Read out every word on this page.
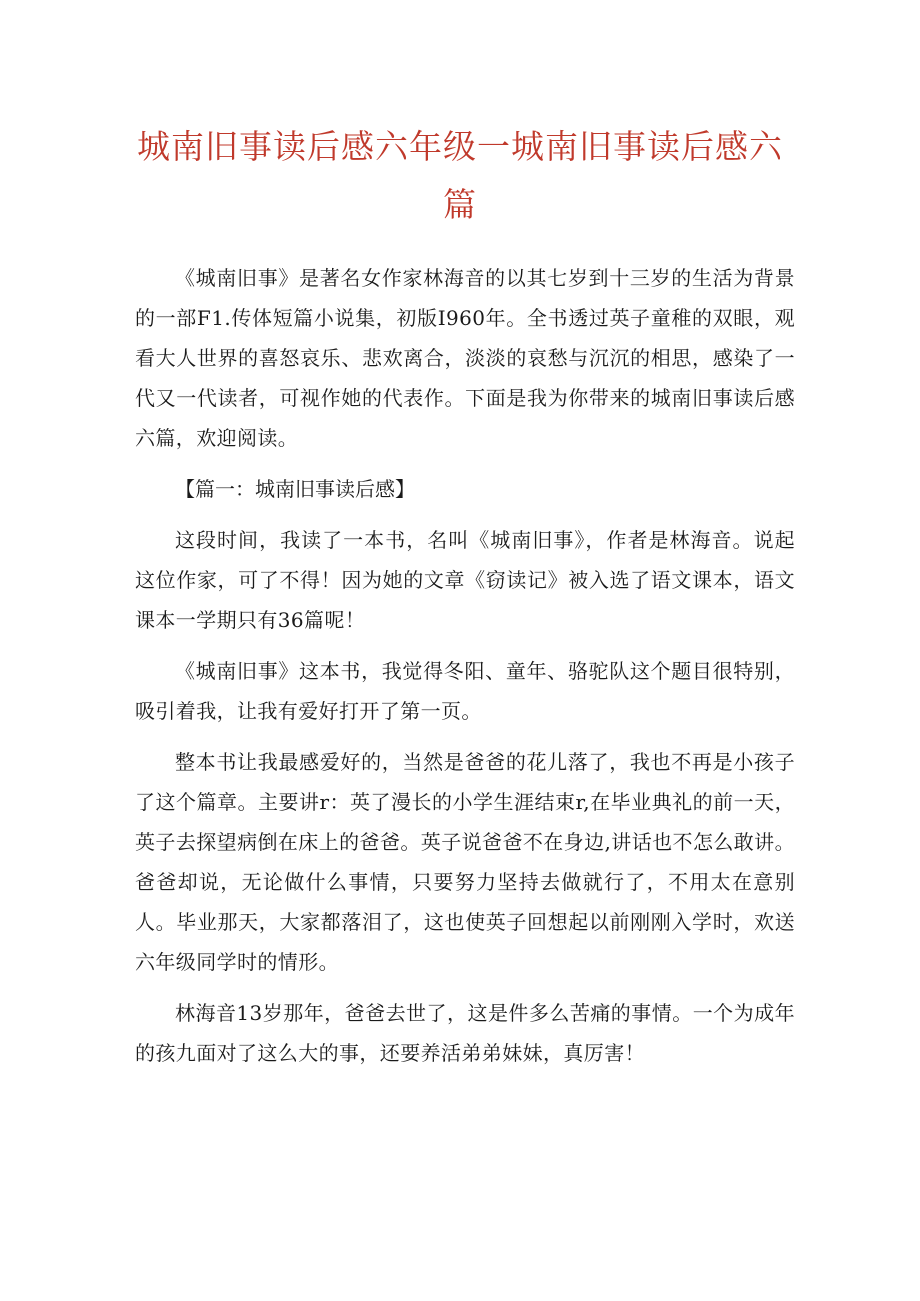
城南旧事读后感六年级一城南旧事读后感六篇

《城南旧事》是著名女作家林海音的以其七岁到十三岁的生活为背景的一部F1.传体短篇小说集，初版I960年。全书透过英子童稚的双眼，观看大人世界的喜怒哀乐、悲欢离合，淡淡的哀愁与沉沉的相思，感染了一代又一代读者，可视作她的代表作。下面是我为你带来的城南旧事读后感六篇，欢迎阅读。

【篇一：城南旧事读后感】

这段时间，我读了一本书，名叫《城南旧事》，作者是林海音。说起这位作家，可了不得！因为她的文章《窃读记》被入选了语文课本，语文课本一学期只有36篇呢！

《城南旧事》这本书，我觉得冬阳、童年、骆驼队这个题目很特别，吸引着我，让我有爱好打开了第一页。

整本书让我最感爱好的，当然是爸爸的花儿落了，我也不再是小孩子了这个篇章。主要讲r：英了漫长的小学生涯结束r,在毕业典礼的前一天，英子去探望病倒在床上的爸爸。英子说爸爸不在身边,讲话也不怎么敢讲。爸爸却说，无论做什么事情，只要努力坚持去做就行了，不用太在意别人。毕业那天，大家都落泪了，这也使英子回想起以前刚刚入学时，欢送六年级同学时的情形。

林海音13岁那年，爸爸去世了，这是件多么苦痛的事情。一个为成年的孩九面对了这么大的事，还要养活弟弟妹妹，真厉害！
